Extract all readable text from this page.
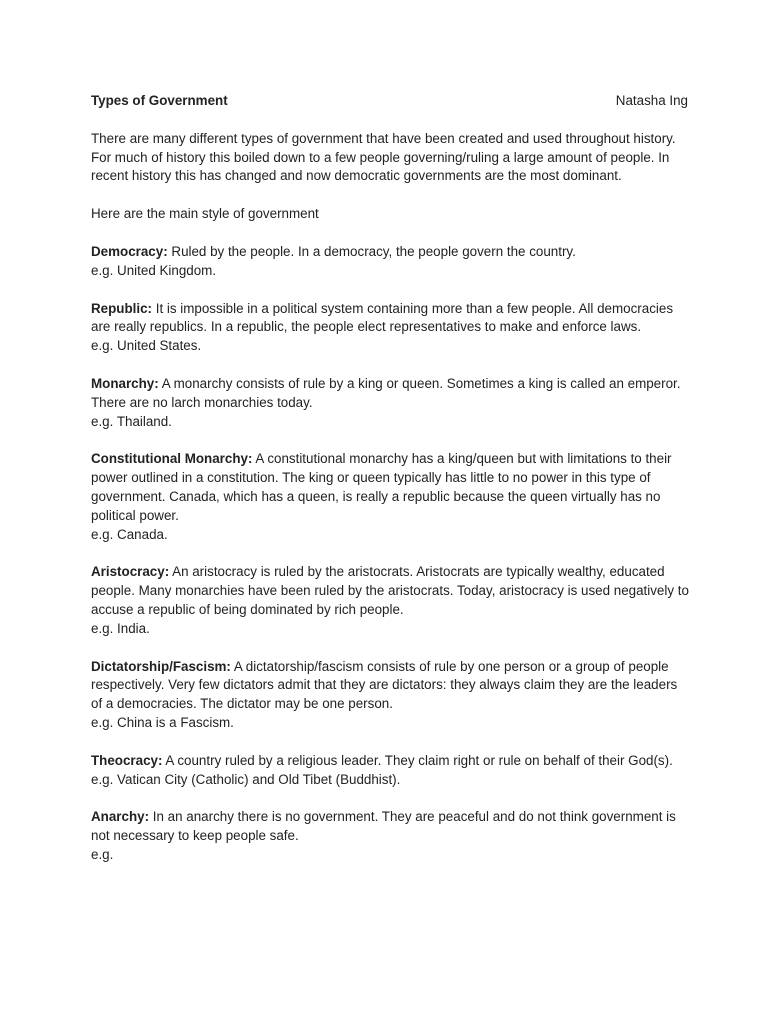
Types of Government	Natasha Ing

There are many different types of government that have been created and used throughout history. For much of history this boiled down to a few people governing/ruling a large amount of people. In recent history this has changed and now democratic governments are the most dominant.

Here are the main style of government

Democracy: Ruled by the people. In a democracy, the people govern the country.

e.g. United Kingdom.

Republic: It is impossible in a political system containing more than a few people. All democracies are really republics. In a republic, the people elect representatives to make and enforce laws.

e.g. United States.

Monarchy: A monarchy consists of rule by a king or queen. Sometimes a king is called an emperor. There are no larch monarchies today.

e.g. Thailand.

Constitutional Monarchy: A constitutional monarchy has a king/queen but with limitations to their power outlined in a constitution. The king or queen typically has little to no power in this type of government. Canada, which has a queen, is really a republic because the queen virtually has no political power.

e.g. Canada.

Aristocracy: An aristocracy is ruled by the aristocrats. Aristocrats are typically wealthy, educated people. Many monarchies have been ruled by the aristocrats. Today, aristocracy is used negatively to accuse a republic of being dominated by rich people.

e.g. India.

Dictatorship/Fascism: A dictatorship/fascism consists of rule by one person or a group of people respectively. Very few dictators admit that they are dictators: they always claim they are the leaders of a democracies. The dictator may be one person.

e.g. China is a Fascism.

Theocracy: A country ruled by a religious leader. They claim right or rule on behalf of their God(s).

e.g. Vatican City (Catholic) and Old Tibet (Buddhist).

Anarchy: In an anarchy there is no government. They are peaceful and do not think government is not necessary to keep people safe.

e.g.
